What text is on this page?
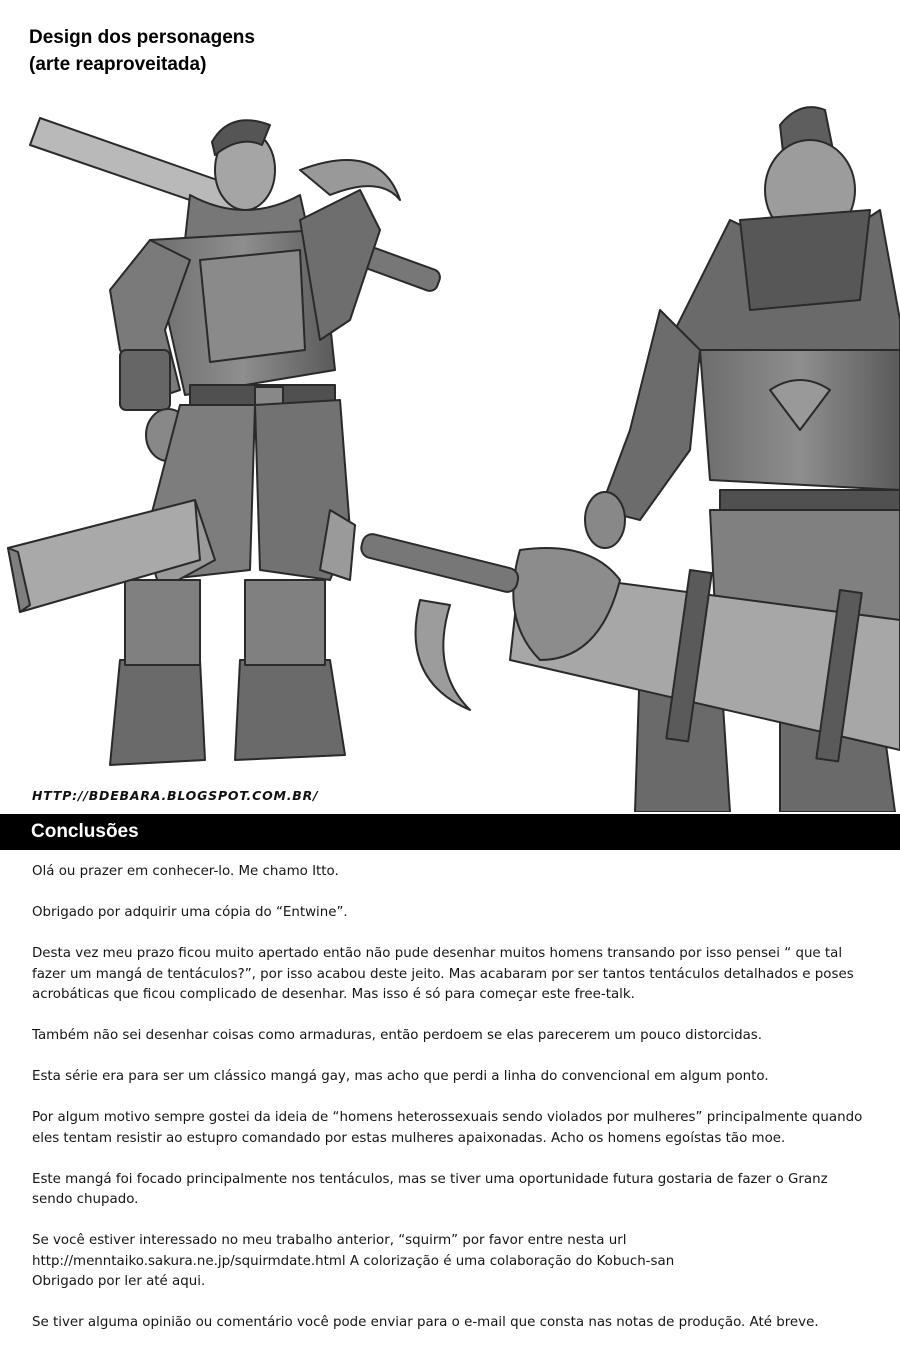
Design dos personagens
(arte reaproveitada)
HTTP://BDEBARA.BLOGSPOT.COM.BR/
Conclusões

Olá ou prazer em conhecer-lo. Me chamo Itto.

Obrigado por adquirir uma cópia do “Entwine”.

Desta vez meu prazo ficou muito apertado então não pude desenhar muitos homens transando por isso pensei “ que tal
fazer um mangá de tentáculos?”, por isso acabou deste jeito. Mas acabaram por ser tantos tentáculos detalhados e poses
acrobáticas que ficou complicado de desenhar. Mas isso é só para começar este free-talk.

Também não sei desenhar coisas como armaduras, então perdoem se elas parecerem um pouco distorcidas.

Esta série era para ser um clássico mangá gay, mas acho que perdi a linha do convencional em algum ponto.

Por algum motivo sempre gostei da ideia de “homens heterossexuais sendo violados por mulheres” principalmente quando
eles tentam resistir ao estupro comandado por estas mulheres apaixonadas. Acho os homens egoístas tão moe.

Este mangá foi focado principalmente nos tentáculos, mas se tiver uma oportunidade futura gostaria de fazer o Granz
sendo chupado.

Se você estiver interessado no meu trabalho anterior, “squirm” por favor entre nesta url
http://menntaiko.sakura.ne.jp/squirmdate.html A colorização é uma colaboração do Kobuch-san
Obrigado por ler até aqui.

Se tiver alguma opinião ou comentário você pode enviar para o e-mail que consta nas notas de produção. Até breve.
